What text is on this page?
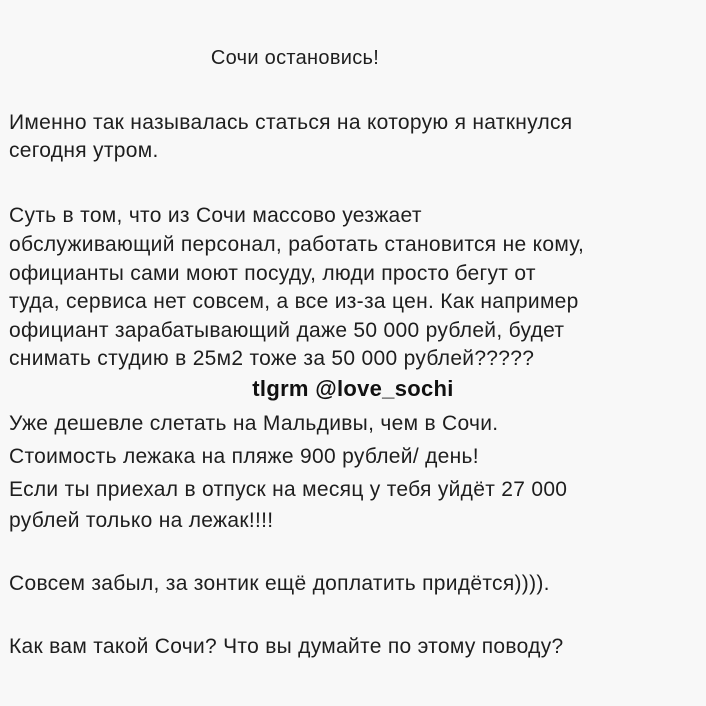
Сочи остановись!
Именно так называлась статься на которую я наткнулся
сегодня утром.
Суть в том, что из Сочи массово уезжает
обслуживающий персонал, работать становится не кому,
официанты сами моют посуду, люди просто бегут от
туда, сервиса нет совсем, а все из-за цен. Как например
официант зарабатывающий даже 50 000 рублей, будет
снимать студию в 25м2 тоже за 50 000 рублей?????
tlgrm @love_sochi
Уже дешевле слетать на Мальдивы, чем в Сочи.
Стоимость лежака на пляже 900 рублей/ день!
Если ты приехал в отпуск на месяц у тебя уйдёт 27 000
рублей только на лежак!!!!
Совсем забыл, за зонтик ещё доплатить придётся)))).
Как вам такой Сочи? Что вы думайте по этому поводу?
